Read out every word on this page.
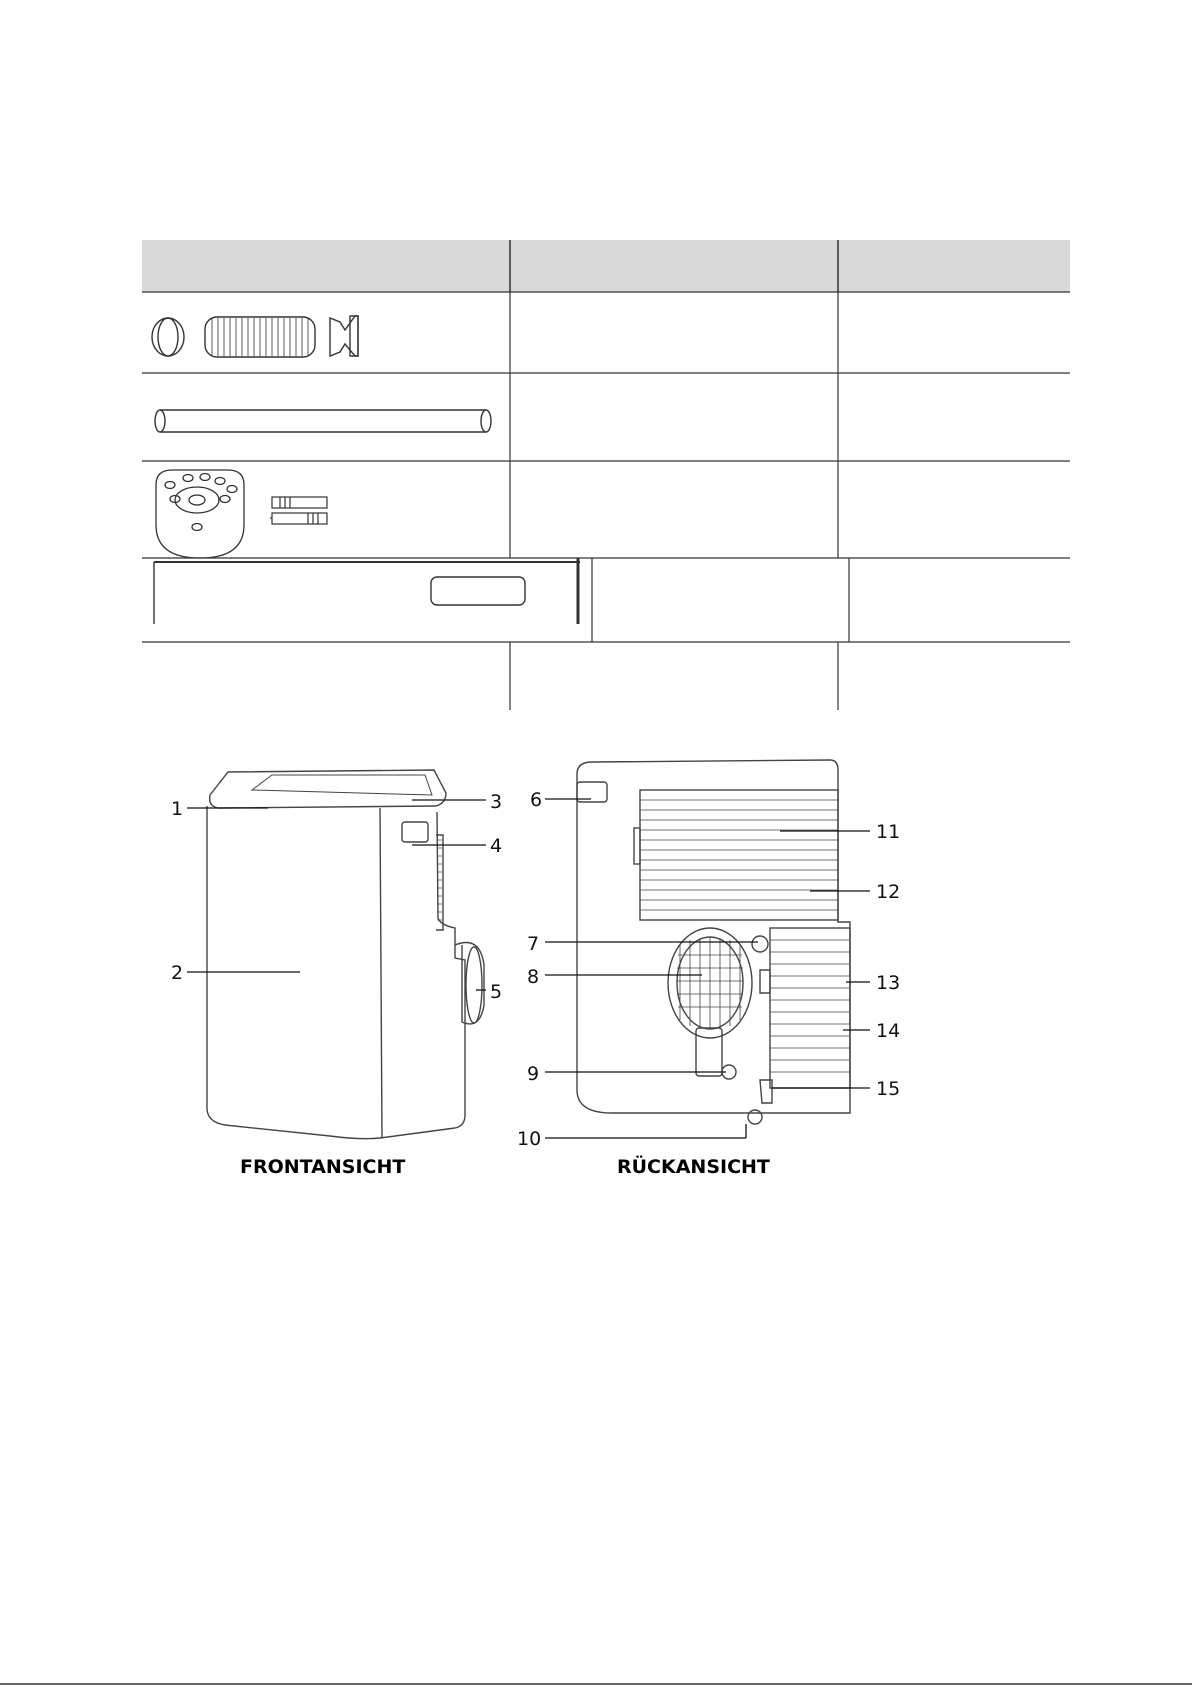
1
2
3
4
5
FRONTANSICHT
6
7
8
9
10
11
12
13
14
15
RÜCKANSICHT
